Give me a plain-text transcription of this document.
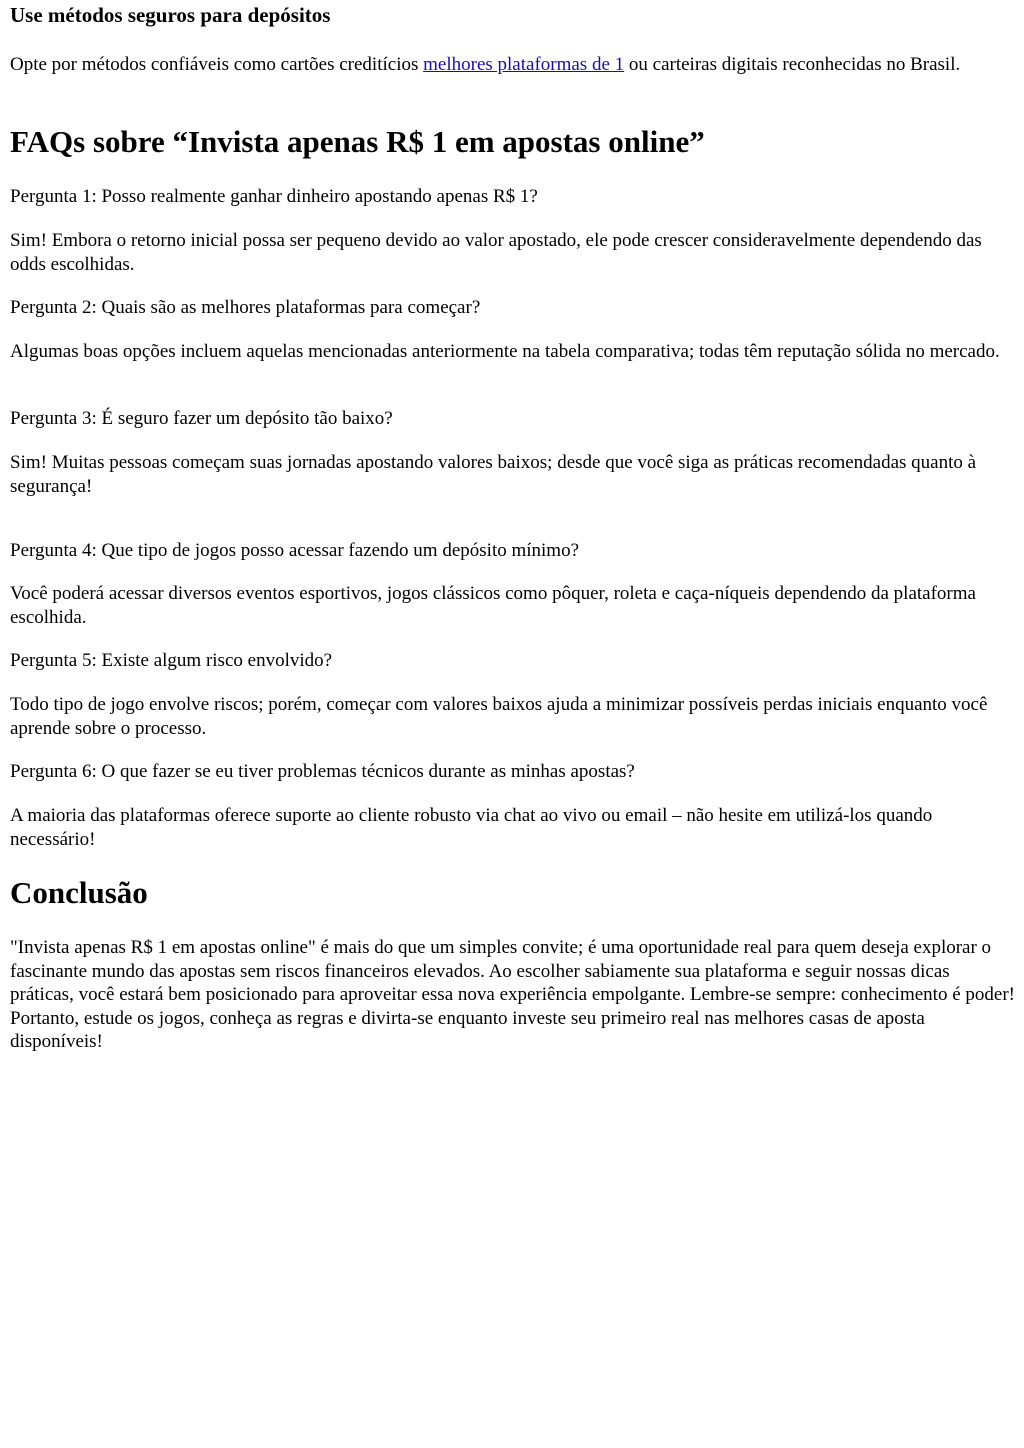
Use métodos seguros para depósitos

Opte por métodos confiáveis como cartões creditícios melhores plataformas de 1 ou carteiras digitais reconhecidas no Brasil.

FAQs sobre “Invista apenas R$ 1 em apostas online”

Pergunta 1: Posso realmente ganhar dinheiro apostando apenas R$ 1?

Sim! Embora o retorno inicial possa ser pequeno devido ao valor apostado, ele pode crescer consideravelmente dependendo das odds escolhidas.

Pergunta 2: Quais são as melhores plataformas para começar?

Algumas boas opções incluem aquelas mencionadas anteriormente na tabela comparativa; todas têm reputação sólida no mercado.

Pergunta 3: É seguro fazer um depósito tão baixo?

Sim! Muitas pessoas começam suas jornadas apostando valores baixos; desde que você siga as práticas recomendadas quanto à segurança!

Pergunta 4: Que tipo de jogos posso acessar fazendo um depósito mínimo?

Você poderá acessar diversos eventos esportivos, jogos clássicos como pôquer, roleta e caça-níqueis dependendo da plataforma escolhida.

Pergunta 5: Existe algum risco envolvido?

Todo tipo de jogo envolve riscos; porém, começar com valores baixos ajuda a minimizar possíveis perdas iniciais enquanto você aprende sobre o processo.

Pergunta 6: O que fazer se eu tiver problemas técnicos durante as minhas apostas?

A maioria das plataformas oferece suporte ao cliente robusto via chat ao vivo ou email – não hesite em utilizá-los quando necessário!

Conclusão

"Invista apenas R$ 1 em apostas online" é mais do que um simples convite; é uma oportunidade real para quem deseja explorar o fascinante mundo das apostas sem riscos financeiros elevados. Ao escolher sabiamente sua plataforma e seguir nossas dicas práticas, você estará bem posicionado para aproveitar essa nova experiência empolgante. Lembre-se sempre: conhecimento é poder! Portanto, estude os jogos, conheça as regras e divirta-se enquanto investe seu primeiro real nas melhores casas de aposta disponíveis!
